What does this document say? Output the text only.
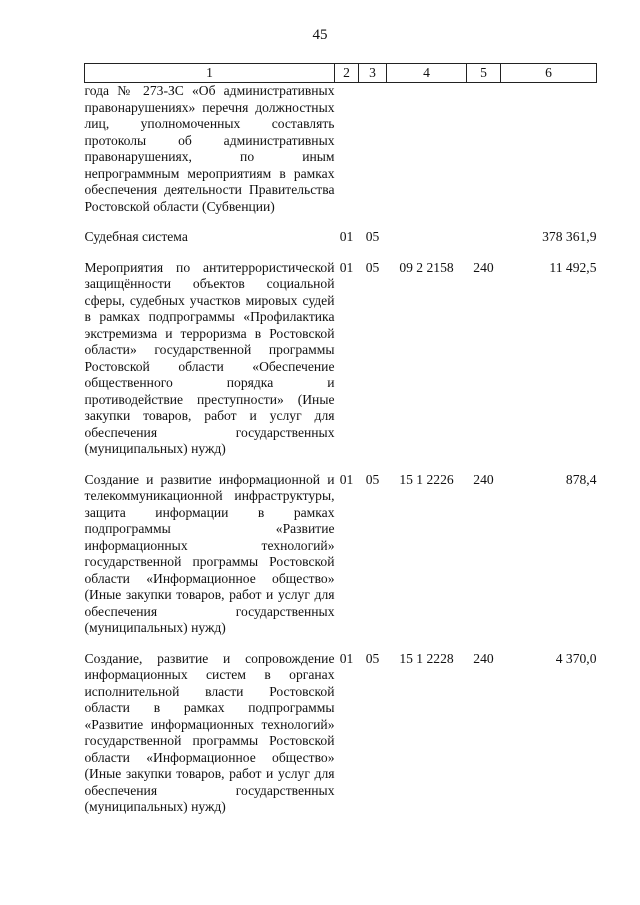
45
1	2	3	4	5	6
года № 273-ЗС «Об административных правонарушениях» перечня должностных лиц, уполномоченных составлять протоколы об административных правонарушениях, по иным непрограммным мероприятиям в рамках обеспечения деятельности Правительства Ростовской области (Субвенции)					

Судебная система	01	05			378 361,9

Мероприятия по антитеррористической защищённости объектов социальной сферы, судебных участков мировых судей в рамках подпрограммы «Профилактика экстремизма и терроризма в Ростовской области» государственной программы Ростовской области «Обеспечение общественного порядка и противодействие преступности» (Иные закупки товаров, работ и услуг для обеспечения государственных (муниципальных) нужд)	01	05	09 2 2158	240	11 492,5

Создание и развитие информационной и телекоммуникационной инфраструктуры, защита информации в рамках подпрограммы «Развитие информационных технологий» государственной программы Ростовской области «Информационное общество» (Иные закупки товаров, работ и услуг для обеспечения государственных (муниципальных) нужд)	01	05	15 1 2226	240	878,4

Создание, развитие и сопровождение информационных систем в органах исполнительной власти Ростовской области в рамках подпрограммы «Развитие информационных технологий» государственной программы Ростовской области «Информационное общество» (Иные закупки товаров, работ и услуг для обеспечения государственных (муниципальных) нужд)	01	05	15 1 2228	240	4 370,0
